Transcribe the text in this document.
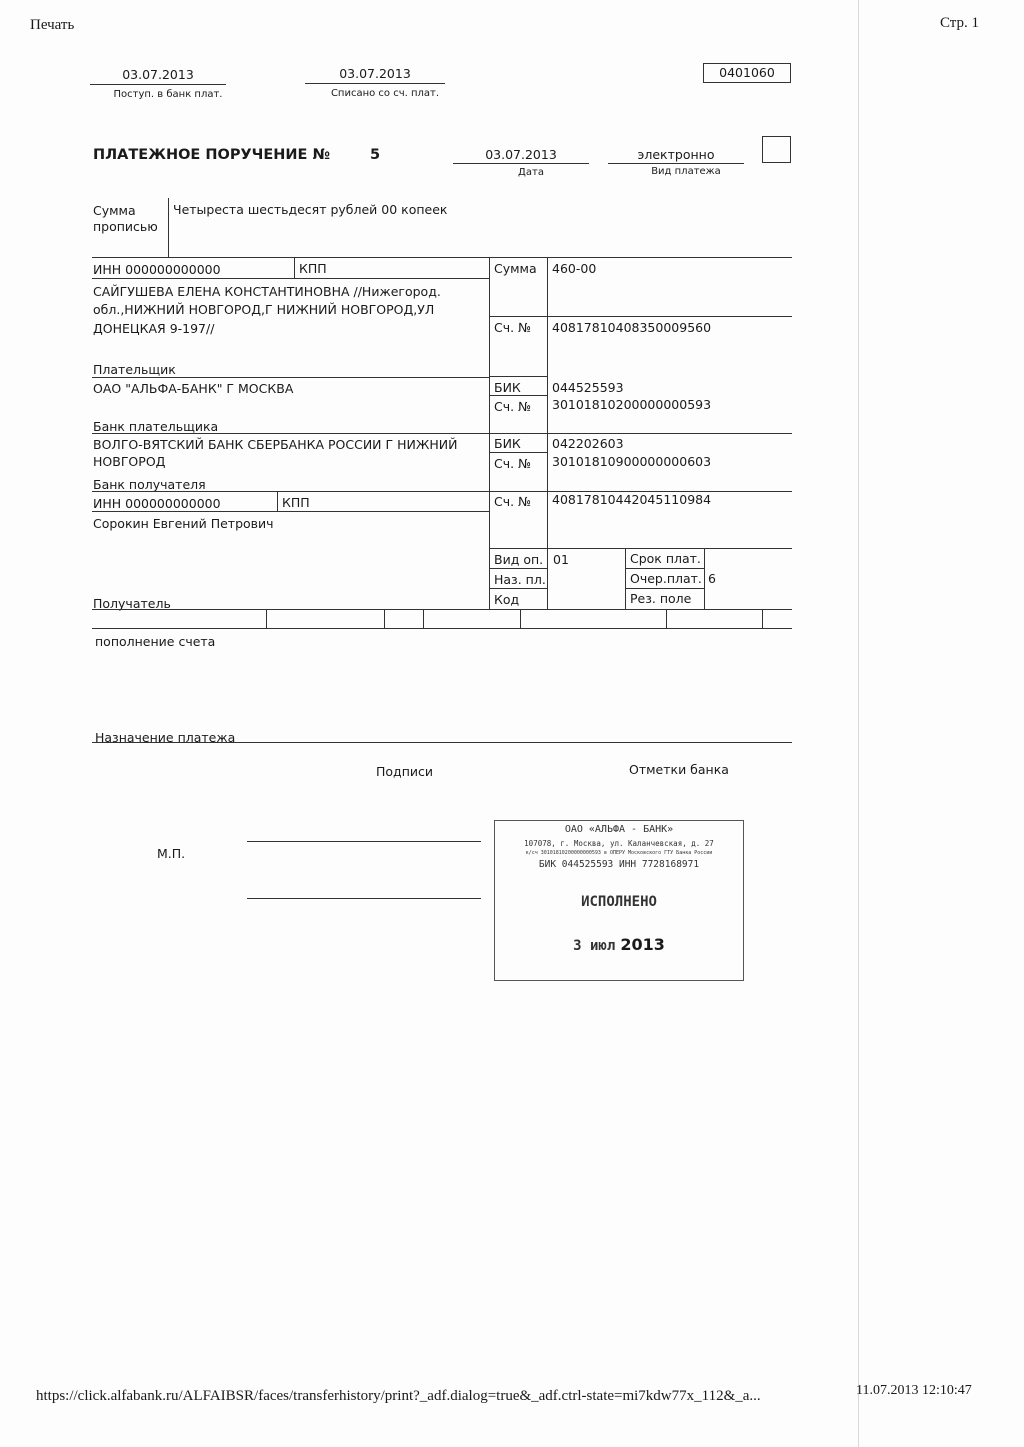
Печать	Стр. 1
https://click.alfabank.ru/ALFAIBSR/faces/transferhistory/print?_adf.dialog=true&_adf.ctrl-state=mi7kdw77x_112&_a...	11.07.2013 12:10:47
03.07.2013
Поступ. в банк плат.
03.07.2013
Списано со сч. плат.
0401060
ПЛАТЕЖНОЕ ПОРУЧЕНИЕ №	5	03.07.2013
Дата
электронно
Вид платежа
Сумма
прописью
Четыреста шестьдесят рублей 00 копеек
ИНН 000000000000	КПП	Сумма 460-00
САЙГУШЕВА ЕЛЕНА КОНСТАНТИНОВНА //Нижегород.
обл.,НИЖНИЙ НОВГОРОД,Г НИЖНИЙ НОВГОРОД,УЛ
ДОНЕЦКАЯ 9-197//	Сч. № 40817810408350009560
Плательщик
ОАО "АЛЬФА-БАНК" Г МОСКВА	БИК 044525593
Сч. № 30101810200000000593
Банк плательщика
ВОЛГО-ВЯТСКИЙ БАНК СБЕРБАНКА РОССИИ Г НИЖНИЙ
НОВГОРОД
БИК 042202603
Сч. № 30101810900000000603
Банк получателя
ИНН 000000000000	КПП	Сч. № 40817810442045110984
Сорокин Евгений Петрович
Вид оп. 01
Наз. пл.
Код
Срок плат.
Очер.плат. 6
Рез. поле
Получатель
пополнение счета
Назначение платежа
Подписи	Отметки банка
М.П.
ОАО «АЛЬФА - БАНК»
107078, г. Москва, ул. Каланчевская, д. 27
к/сч 30101810200000000593 в ОПЕРУ Московского ГТУ Банка России
БИК 044525593 ИНН 7728168971
ИСПОЛНЕНО
3 июл 2013
